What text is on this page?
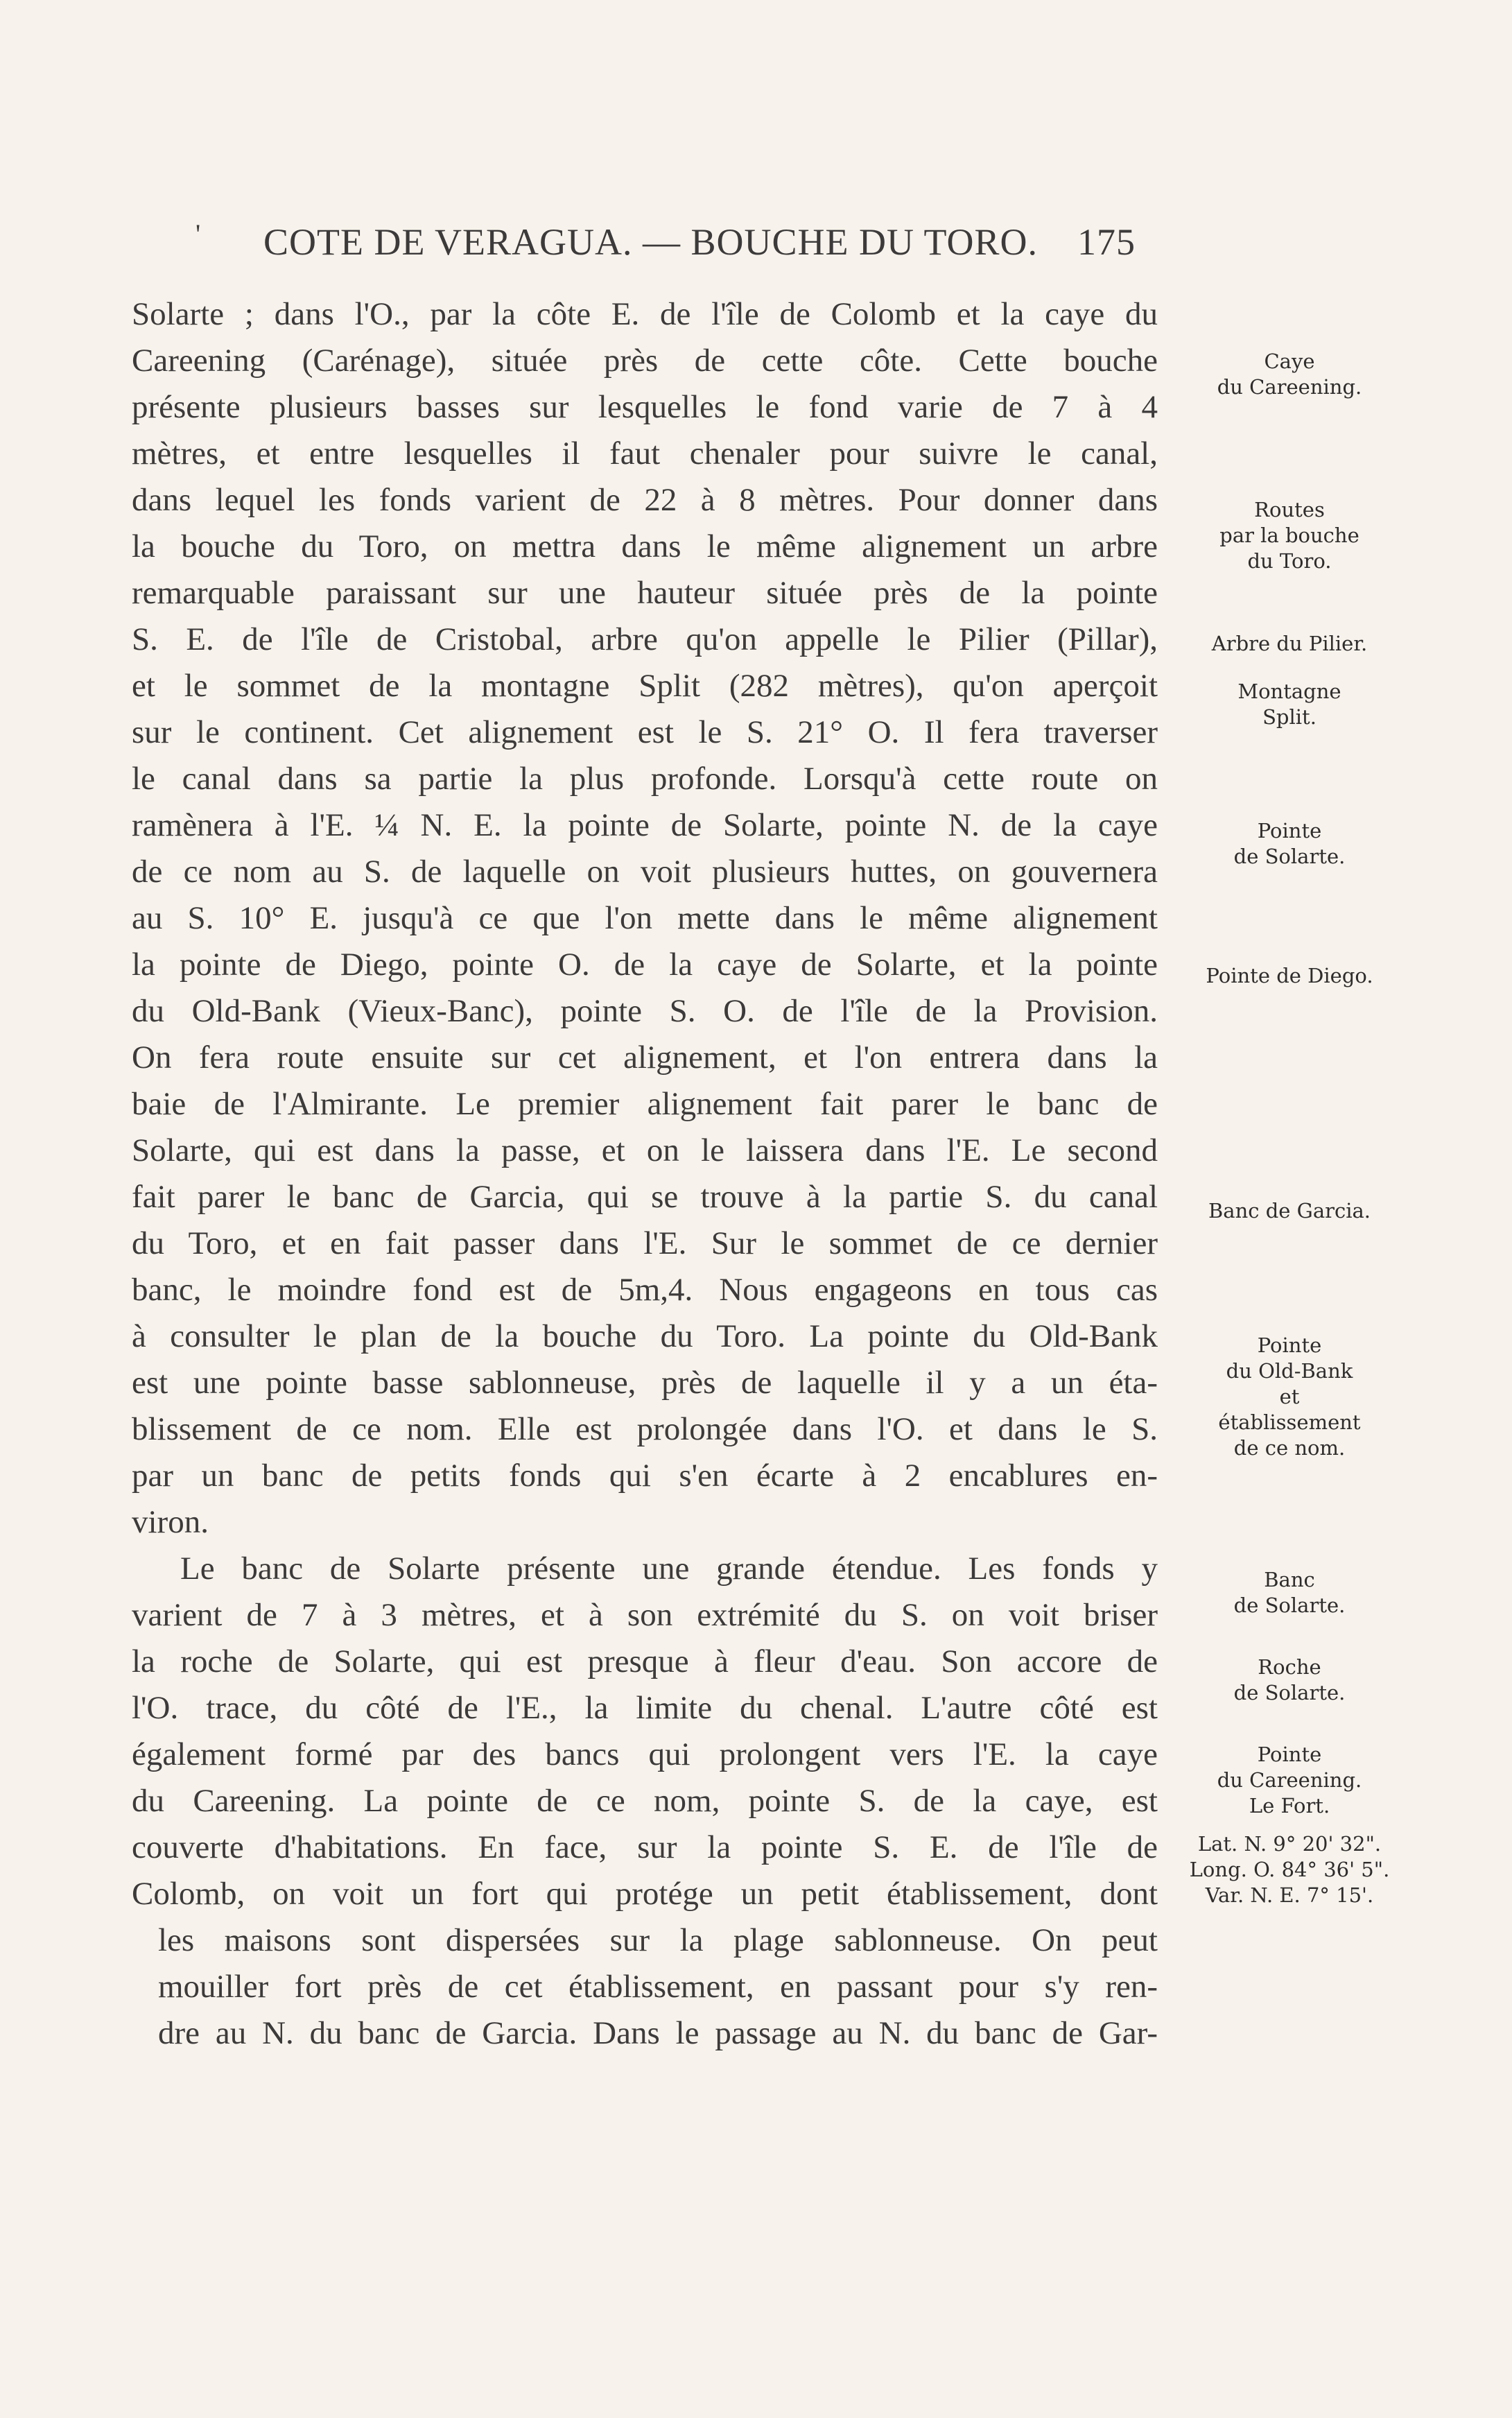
' COTE DE VERAGUA. — BOUCHE DU TORO. 175
Solarte ; dans l'O., par la côte E. de l'île de Colomb et la caye du
Careening (Carénage), située près de cette côte. Cette bouche
présente plusieurs basses sur lesquelles le fond varie de 7 à 4
mètres, et entre lesquelles il faut chenaler pour suivre le canal,
dans lequel les fonds varient de 22 à 8 mètres. Pour donner dans
la bouche du Toro, on mettra dans le même alignement un arbre
remarquable paraissant sur une hauteur située près de la pointe
S. E. de l'île de Cristobal, arbre qu'on appelle le Pilier (Pillar),
et le sommet de la montagne Split (282 mètres), qu'on aperçoit
sur le continent. Cet alignement est le S. 21° O. Il fera traverser
le canal dans sa partie la plus profonde. Lorsqu'à cette route on
ramènera à l'E. ¼ N. E. la pointe de Solarte, pointe N. de la caye
de ce nom au S. de laquelle on voit plusieurs huttes, on gouvernera
au S. 10° E. jusqu'à ce que l'on mette dans le même alignement
la pointe de Diego, pointe O. de la caye de Solarte, et la pointe
du Old-Bank (Vieux-Banc), pointe S. O. de l'île de la Provision.
On fera route ensuite sur cet alignement, et l'on entrera dans la
baie de l'Almirante. Le premier alignement fait parer le banc de
Solarte, qui est dans la passe, et on le laissera dans l'E. Le second
fait parer le banc de Garcia, qui se trouve à la partie S. du canal
du Toro, et en fait passer dans l'E. Sur le sommet de ce dernier
banc, le moindre fond est de 5m,4. Nous engageons en tous cas
à consulter le plan de la bouche du Toro. La pointe du Old-Bank
est une pointe basse sablonneuse, près de laquelle il y a un éta-
blissement de ce nom. Elle est prolongée dans l'O. et dans le S.
par un banc de petits fonds qui s'en écarte à 2 encablures en-
viron.
Le banc de Solarte présente une grande étendue. Les fonds y
varient de 7 à 3 mètres, et à son extrémité du S. on voit briser
la roche de Solarte, qui est presque à fleur d'eau. Son accore de
l'O. trace, du côté de l'E., la limite du chenal. L'autre côté est
également formé par des bancs qui prolongent vers l'E. la caye
du Careening. La pointe de ce nom, pointe S. de la caye, est
couverte d'habitations. En face, sur la pointe S. E. de l'île de
Colomb, on voit un fort qui protége un petit établissement, dont
les maisons sont dispersées sur la plage sablonneuse. On peut
mouiller fort près de cet établissement, en passant pour s'y ren-
dre au N. du banc de Garcia. Dans le passage au N. du banc de Gar-
Caye
du Careening.
Routes
par la bouche
du Toro.
Arbre du Pilier.
Montagne
Split.
Pointe
de Solarte.
Pointe de Diego.
Banc de Garcia.
Pointe
du Old-Bank
et
établissement
de ce nom.
Banc
de Solarte.
Roche
de Solarte.
Pointe
du Careening.
Le Fort.
Lat. N. 9° 20' 32".
Long. O. 84° 36' 5".
Var. N. E. 7° 15'.
